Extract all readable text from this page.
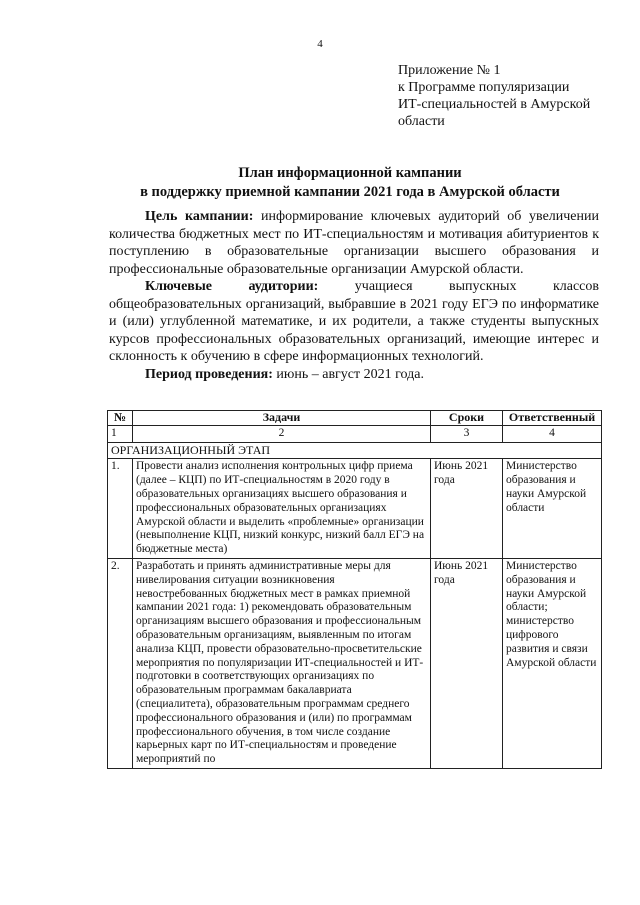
4
Приложение № 1
к Программе популяризации
ИТ-специальностей в Амурской
области
План информационной кампании
в поддержку приемной кампании 2021 года в Амурской области

Цель кампании: информирование ключевых аудиторий об увеличении количества бюджетных мест по ИТ-специальностям и мотивация абитуриентов к поступлению в образовательные организации высшего образования и профессиональные образовательные организации Амурской области.

Ключевые аудитории: учащиеся выпускных классов общеобразовательных организаций, выбравшие в 2021 году ЕГЭ по информатике и (или) углубленной математике, и их родители, а также студенты выпускных курсов профессиональных образовательных организаций, имеющие интерес и склонность к обучению в сфере информационных технологий.

Период проведения: июнь – август 2021 года.

№	Задачи	Сроки	Ответственный
1	2	3	4
ОРГАНИЗАЦИОННЫЙ ЭТАП			
1.	Провести анализ исполнения контрольных цифр приема (далее – КЦП) по ИТ-специальностям в 2020 году в образовательных организациях высшего образования и профессиональных образовательных организациях Амурской области и выделить «проблемные» организации (невыполнение КЦП, низкий конкурс, низкий балл ЕГЭ на бюджетные места)	Июнь 2021 года	Министерство образования и науки Амурской области
2.	Разработать и принять административные меры для нивелирования ситуации возникновения невостребованных бюджетных мест в рамках приемной кампании 2021 года: 1) рекомендовать образовательным организациям высшего образования и профессиональным образовательным организациям, выявленным по итогам анализа КЦП, провести образовательно-просветительские мероприятия по популяризации ИТ-специальностей и ИТ-подготовки в соответствующих организациях по образовательным программам бакалавриата (специалитета), образовательным программам среднего профессионального образования и (или) по программам профессионального обучения, в том числе создание карьерных карт по ИТ-специальностям и проведение мероприятий по	Июнь 2021 года	Министерство образования и науки Амурской области; министерство цифрового развития и связи Амурской области
